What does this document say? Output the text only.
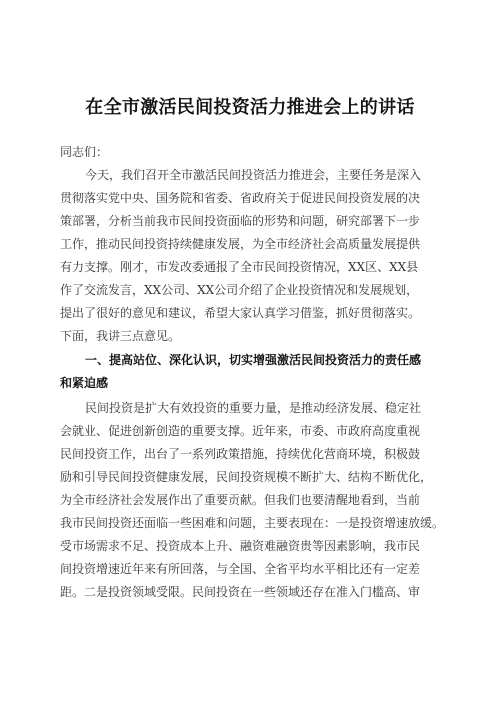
在全市激活民间投资活力推进会上的讲话

同志们：

今天，我们召开全市激活民间投资活力推进会，主要任务是深入

贯彻落实党中央、国务院和省委、省政府关于促进民间投资发展的决

策部署，分析当前我市民间投资面临的形势和问题，研究部署下一步

工作，推动民间投资持续健康发展，为全市经济社会高质量发展提供

有力支撑。刚才，市发改委通报了全市民间投资情况，XX区、XX县

作了交流发言，XX公司、XX公司介绍了企业投资情况和发展规划，

提出了很好的意见和建议，希望大家认真学习借鉴，抓好贯彻落实。

下面，我讲三点意见。

一、提高站位、深化认识，切实增强激活民间投资活力的责任感

和紧迫感

民间投资是扩大有效投资的重要力量，是推动经济发展、稳定社

会就业、促进创新创造的重要支撑。近年来，市委、市政府高度重视

民间投资工作，出台了一系列政策措施，持续优化营商环境，积极鼓

励和引导民间投资健康发展，民间投资规模不断扩大、结构不断优化，

为全市经济社会发展作出了重要贡献。但我们也要清醒地看到，当前

我市民间投资还面临一些困难和问题，主要表现在：一是投资增速放缓。

受市场需求不足、投资成本上升、融资难融资贵等因素影响，我市民

间投资增速近年来有所回落，与全国、全省平均水平相比还有一定差

距。二是投资领域受限。民间投资在一些领域还存在准入门槛高、审
